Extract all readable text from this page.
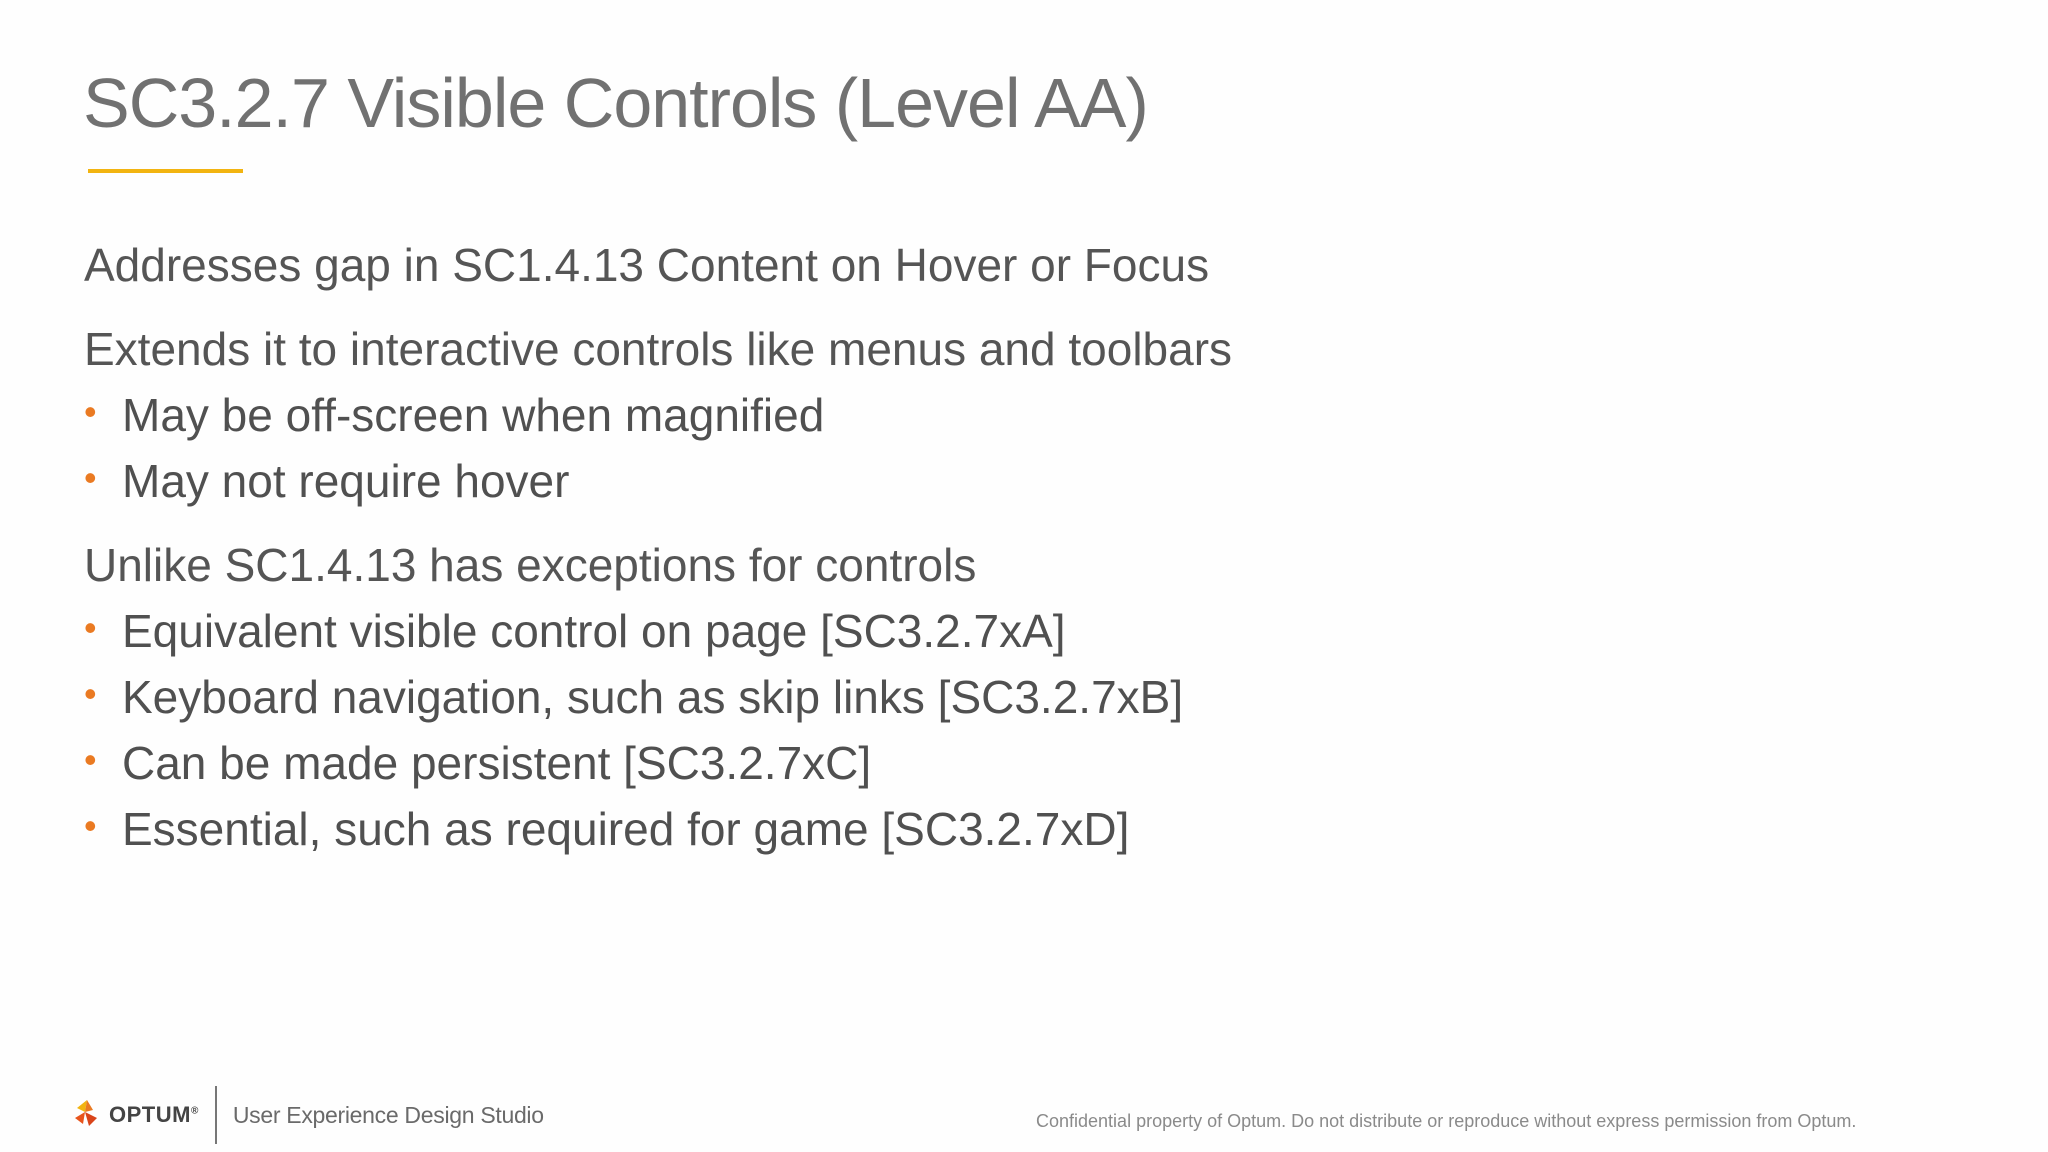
SC3.2.7 Visible Controls (Level AA)
Addresses gap in SC1.4.13 Content on Hover or Focus
Extends it to interactive controls like menus and toolbars
• May be off-screen when magnified
• May not require hover
Unlike SC1.4.13 has exceptions for controls
• Equivalent visible control on page [SC3.2.7xA]
• Keyboard navigation, such as skip links [SC3.2.7xB]
• Can be made persistent [SC3.2.7xC]
• Essential, such as required for game [SC3.2.7xD]
OPTUM® User Experience Design Studio	Confidential property of Optum. Do not distribute or reproduce without express permission from Optum.
